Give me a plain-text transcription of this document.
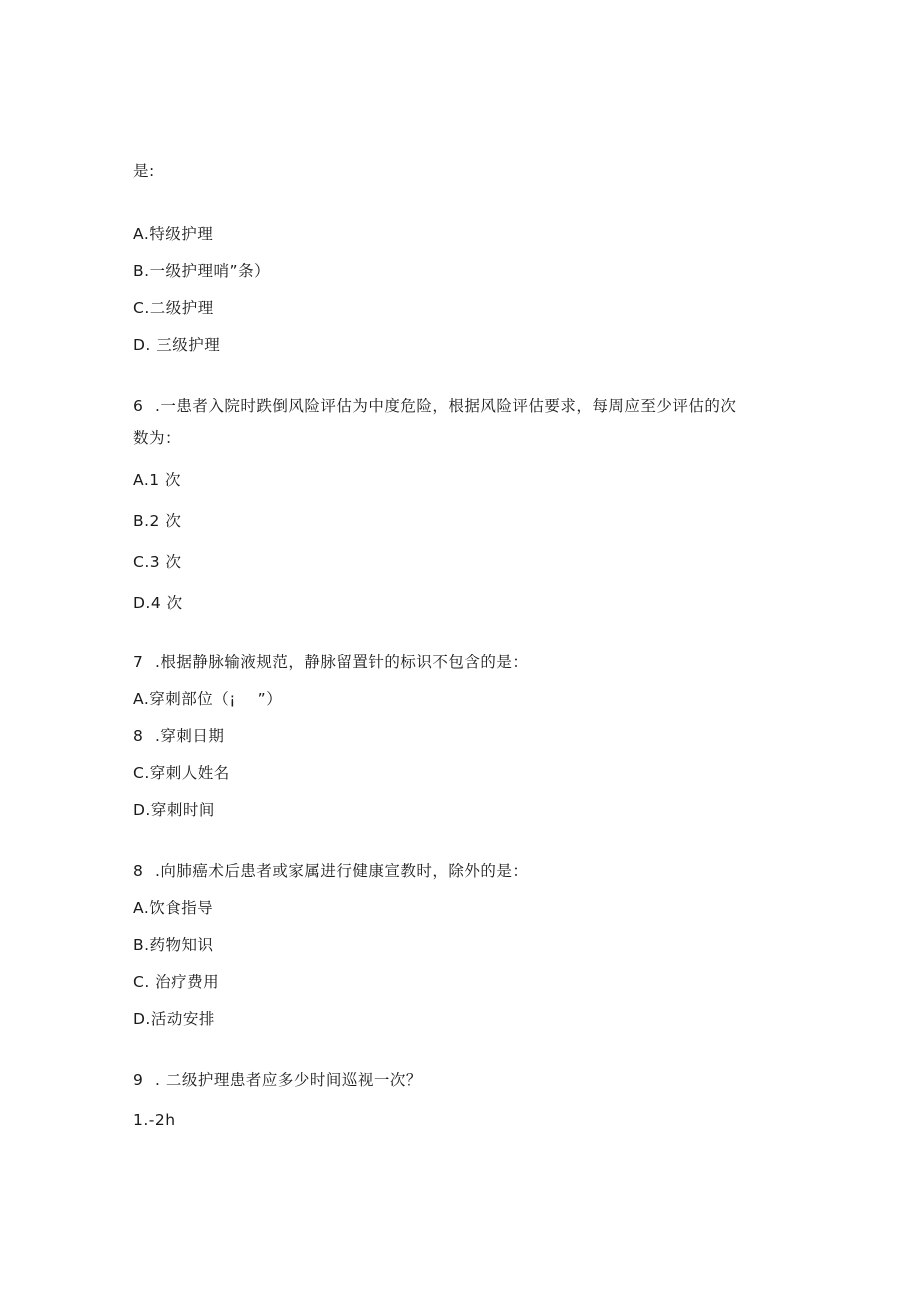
是:
A.特级护理
B.一级护理哨”条）
C.二级护理
D. 三级护理
6 .一患者入院时跌倒风险评估为中度危险，根据风险评估要求，每周应至少评估的次
数为：
A.1 次
B.2 次
C.3 次
D.4 次
7 .根据静脉输液规范，静脉留置针的标识不包含的是：
A.穿刺部位（¡    ”）
8 .穿刺日期
C.穿刺人姓名
D.穿刺时间
8 .向肺癌术后患者或家属进行健康宣教时，除外的是：
A.饮食指导
B.药物知识
C. 治疗费用
D.活动安排
9 . 二级护理患者应多少时间巡视一次？
1.-2h
